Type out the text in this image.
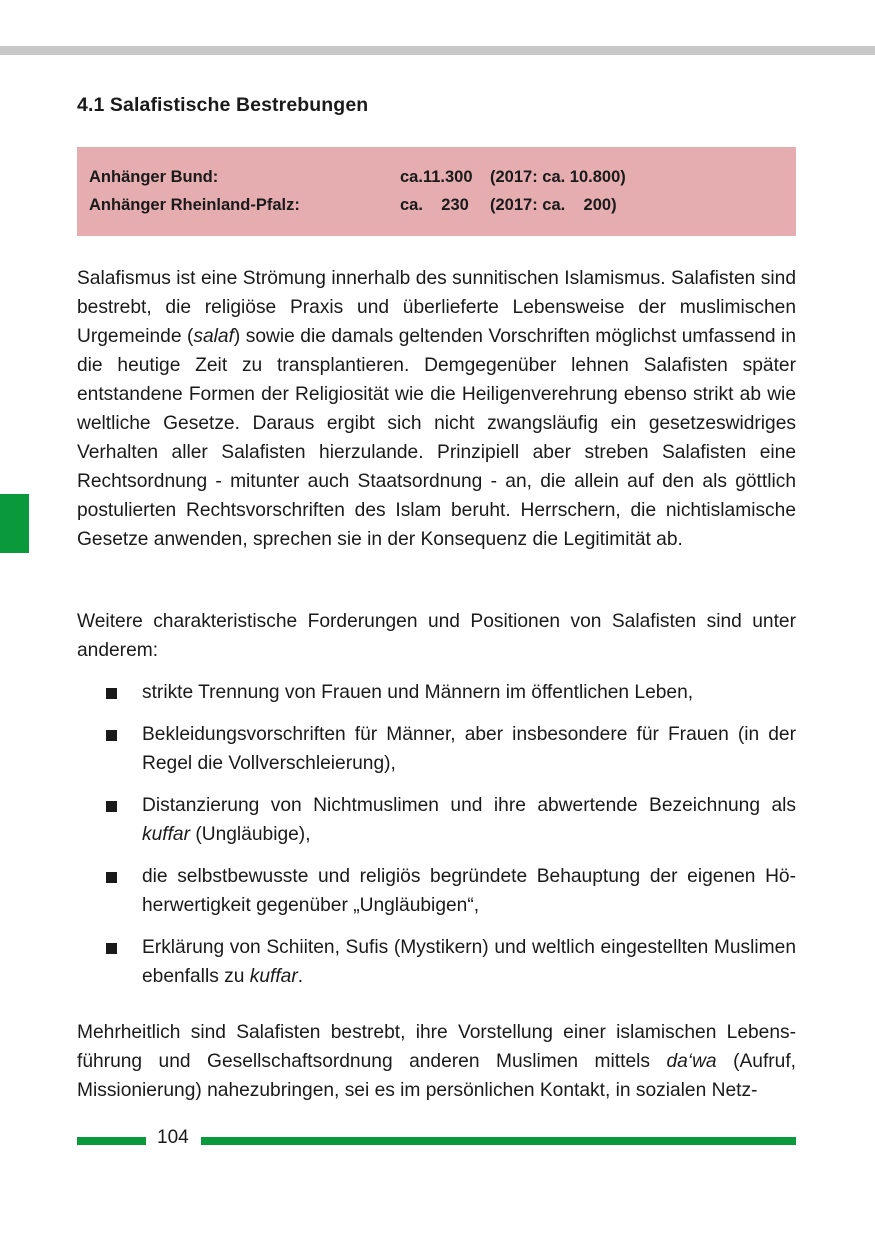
4.1 Salafistische Bestrebungen
Anhänger Bund:	ca.11.300 (2017: ca. 10.800)
Anhänger Rheinland-Pfalz:	ca.    230 (2017: ca.    200)

Salafismus ist eine Strömung innerhalb des sunnitischen Islamismus. Salafisten sind bestrebt, die religiöse Praxis und überlieferte Lebensweise der muslimischen Urgemeinde (salaf) sowie die damals geltenden Vorschriften möglichst umfassend in die heutige Zeit zu transplantieren. Demgegenüber lehnen Salafisten später entstandene Formen der Religiosität wie die Heiligenverehrung ebenso strikt ab wie weltliche Gesetze. Daraus ergibt sich nicht zwangsläufig ein gesetzeswidriges Verhalten aller Salafisten hierzulande. Prinzipiell aber streben Salafisten eine Rechtsordnung - mitunter auch Staatsordnung - an, die allein auf den als göttlich postulierten Rechtsvorschriften des Islam beruht. Herrschern, die nichtislamische Gesetze anwenden, sprechen sie in der Konsequenz die Legitimität ab.

Weitere charakteristische Forderungen und Positionen von Salafisten sind unter anderem:

strikte Trennung von Frauen und Männern im öffentlichen Leben,
Bekleidungsvorschriften für Männer, aber insbesondere für Frauen (in der Regel die Vollverschleierung),
Distanzierung von Nichtmuslimen und ihre abwertende Bezeichnung als kuffar (Ungläubige),
die selbstbewusste und religiös begründete Behauptung der eigenen Höherwertigkeit gegenüber „Ungläubigen“,
Erklärung von Schiiten, Sufis (Mystikern) und weltlich eingestellten Muslimen ebenfalls zu kuffar.

Mehrheitlich sind Salafisten bestrebt, ihre Vorstellung einer islamischen Lebensführung und Gesellschaftsordnung anderen Muslimen mittels da‘wa (Aufruf, Missionierung) nahezubringen, sei es im persönlichen Kontakt, in sozialen Netz-

104
